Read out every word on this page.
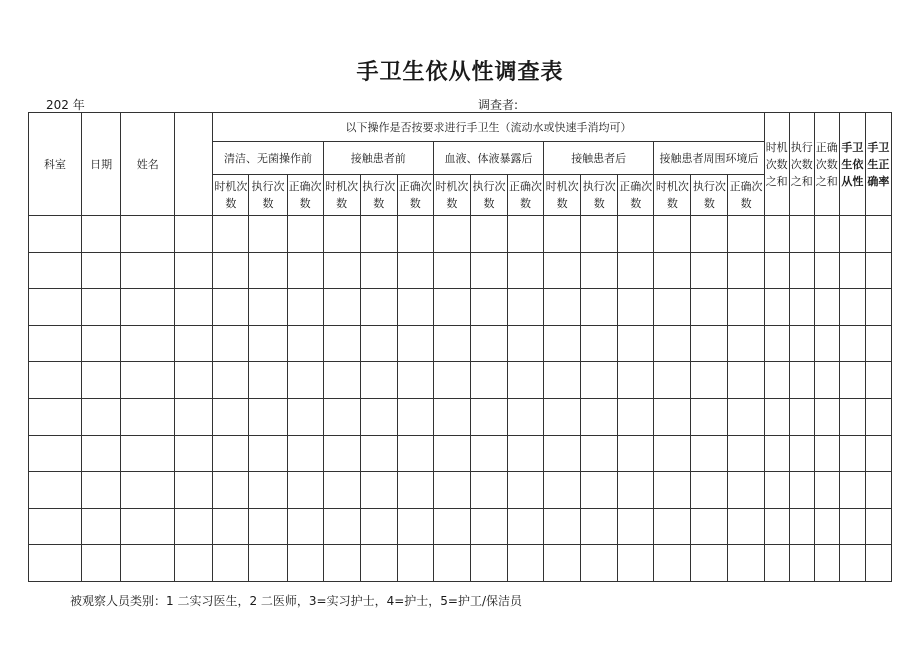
手卫生依从性调查表
202 年	调查者:
科室	日期	姓名		以下操作是否按要求进行手卫生（流动水或快速手消均可）															时机次数之和	执行次数之和	正确次数之和	手卫生依从性	手卫生正确率
				清洁、无菌操作前			接触患者前			血液、体液暴露后			接触患者后			接触患者周围环境后							
				时机次数	执行次数	正确次数	时机次数	执行次数	正确次数	时机次数	执行次数	正确次数	时机次数	执行次数	正确次数	时机次数	执行次数	正确次数					

被观察人员类别：1 二实习医生，2 二医师，3=实习护士，4=护士，5=护工/保洁员
